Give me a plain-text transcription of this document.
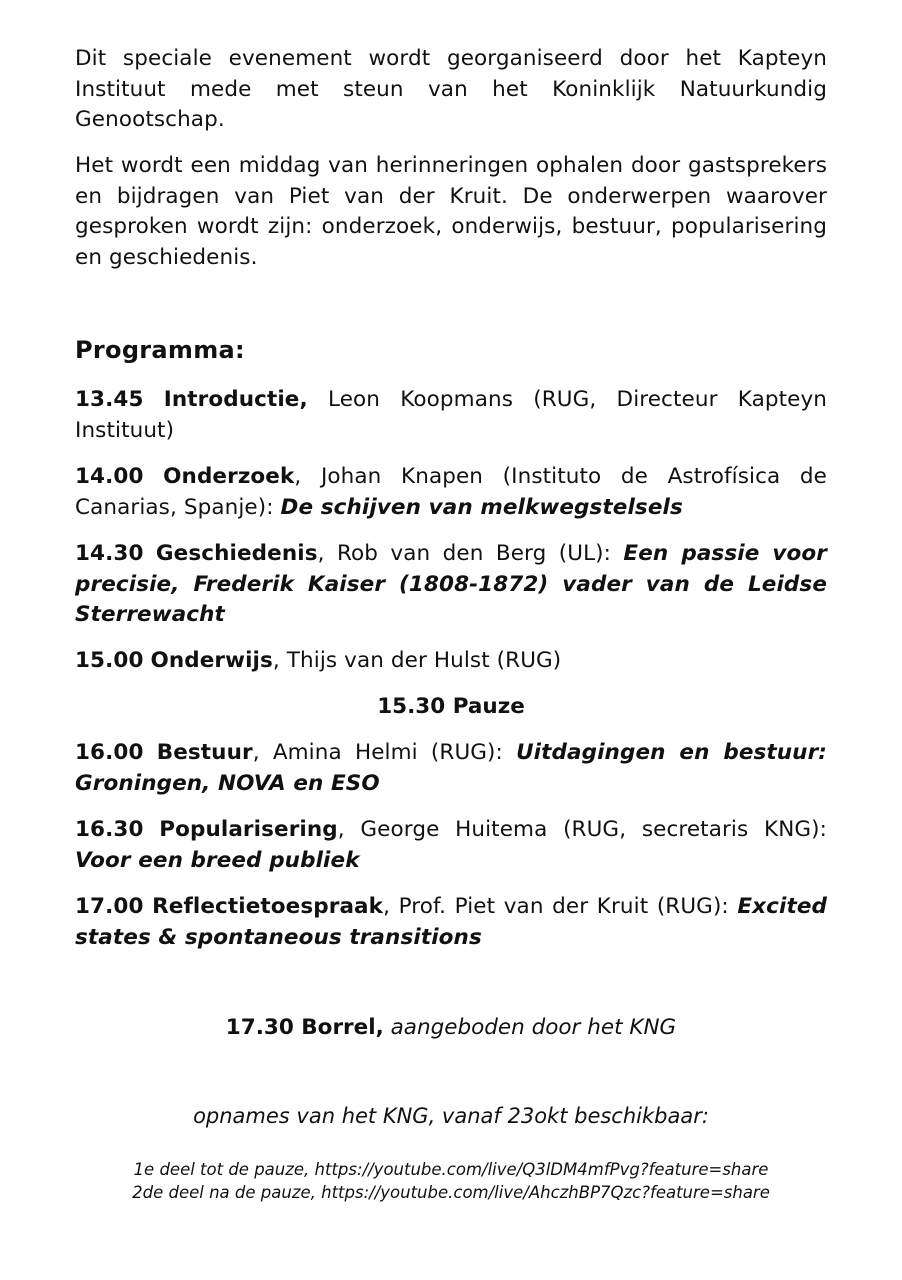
Dit speciale evenement wordt georganiseerd door het Kapteyn Instituut mede met steun van het Koninklijk Natuurkundig Genootschap.

Het wordt een middag van herinneringen ophalen door gastsprekers en bijdragen van Piet van der Kruit. De onderwerpen waarover gesproken wordt zijn: onderzoek, onderwijs, bestuur, popularisering en geschiedenis.

Programma:
13.45 Introductie, Leon Koopmans (RUG, Directeur Kapteyn Instituut)
14.00 Onderzoek, Johan Knapen (Instituto de Astrofísica de Canarias, Spanje): De schijven van melkwegstelsels
14.30 Geschiedenis, Rob van den Berg (UL): Een passie voor precisie, Frederik Kaiser (1808-1872) vader van de Leidse Sterrewacht
15.00 Onderwijs, Thijs van der Hulst (RUG)
15.30 Pauze
16.00 Bestuur, Amina Helmi (RUG): Uitdagingen en bestuur: Groningen, NOVA en ESO
16.30 Popularisering, George Huitema (RUG, secretaris KNG): Voor een breed publiek
17.00 Reflectietoespraak, Prof. Piet van der Kruit (RUG): Excited states & spontaneous transitions
17.30 Borrel, aangeboden door het KNG
opnames van het KNG, vanaf 23okt beschikbaar:
1e deel tot de pauze, https://youtube.com/live/Q3lDM4mfPvg?feature=share
2de deel na de pauze, https://youtube.com/live/AhczhBP7Qzc?feature=share
